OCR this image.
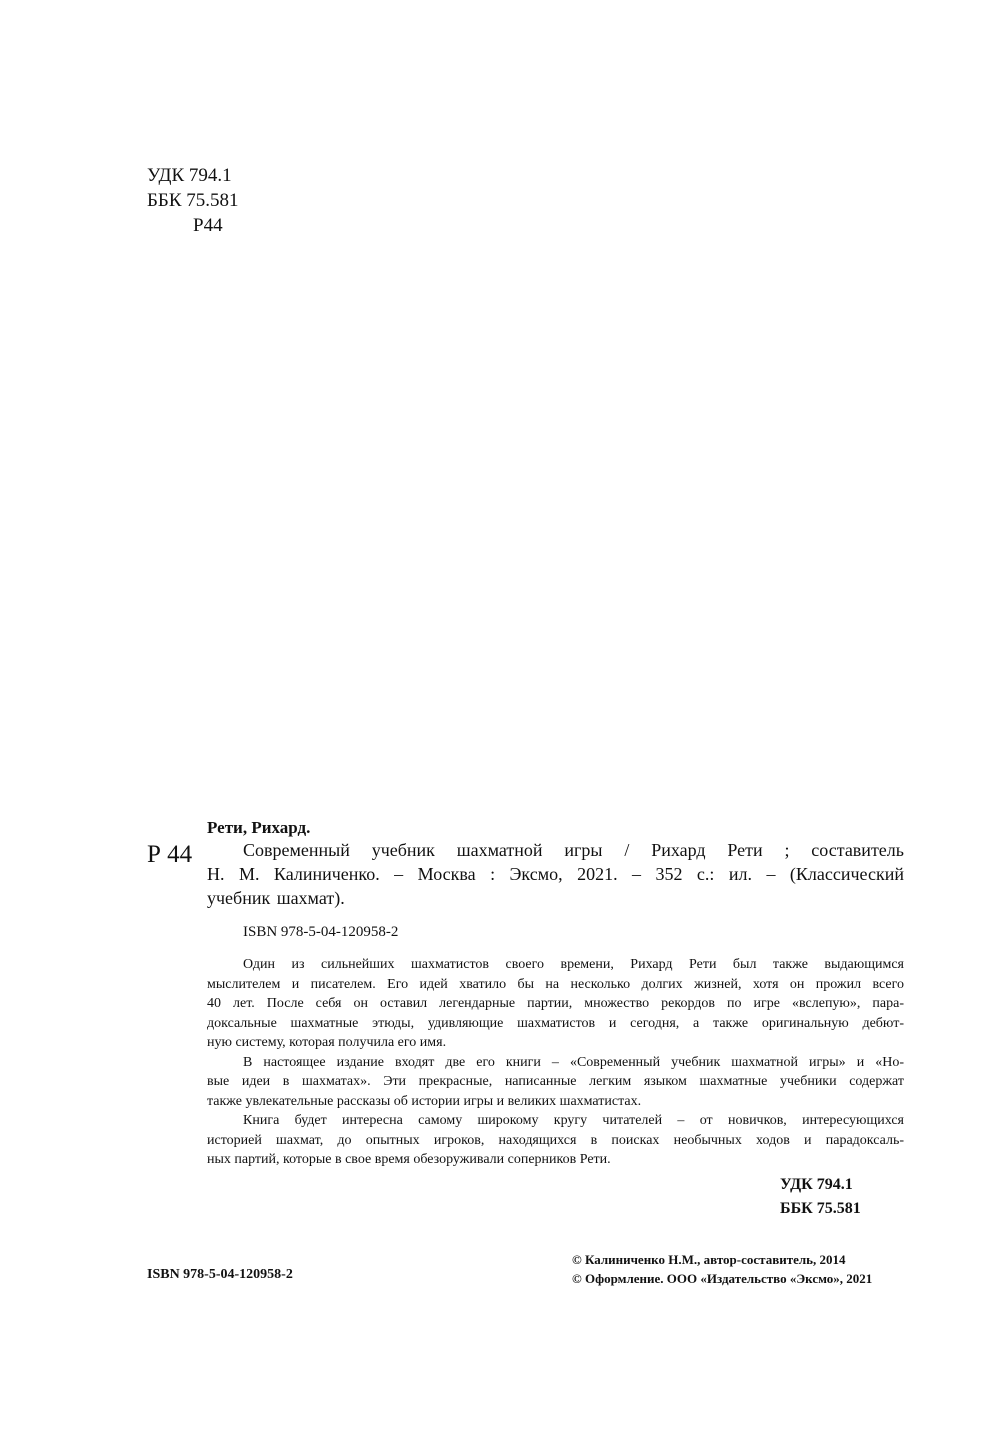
УДК 794.1
ББК 75.581
Р44
Рети, Рихард.
Р 44	Современный учебник шахматной игры / Рихард Рети ; составитель
Н. М. Калиниченко. – Москва : Эксмо, 2021. – 352 с.: ил. – (Классический
учебник шахмат).
ISBN 978-5-04-120958-2
Один из сильнейших шахматистов своего времени, Рихард Рети был также выдающимся
мыслителем и писателем. Его идей хватило бы на несколько долгих жизней, хотя он прожил всего
40 лет. После себя он оставил легендарные партии, множество рекордов по игре «вслепую», пара-
доксальные шахматные этюды, удивляющие шахматистов и сегодня, а также оригинальную дебют-
ную систему, которая получила его имя.
В настоящее издание входят две его книги – «Современный учебник шахматной игры» и «Но-
вые идеи в шахматах». Эти прекрасные, написанные легким языком шахматные учебники содержат
также увлекательные рассказы об истории игры и великих шахматистах.
Книга будет интересна самому широкому кругу читателей – от новичков, интересующихся
историей шахмат, до опытных игроков, находящихся в поисках необычных ходов и парадоксаль-
ных партий, которые в свое время обезоруживали соперников Рети.
УДК 794.1
ББК 75.581
ISBN 978-5-04-120958-2
© Калиниченко Н.М., автор-составитель, 2014
© Оформление. ООО «Издательство «Эксмо», 2021
